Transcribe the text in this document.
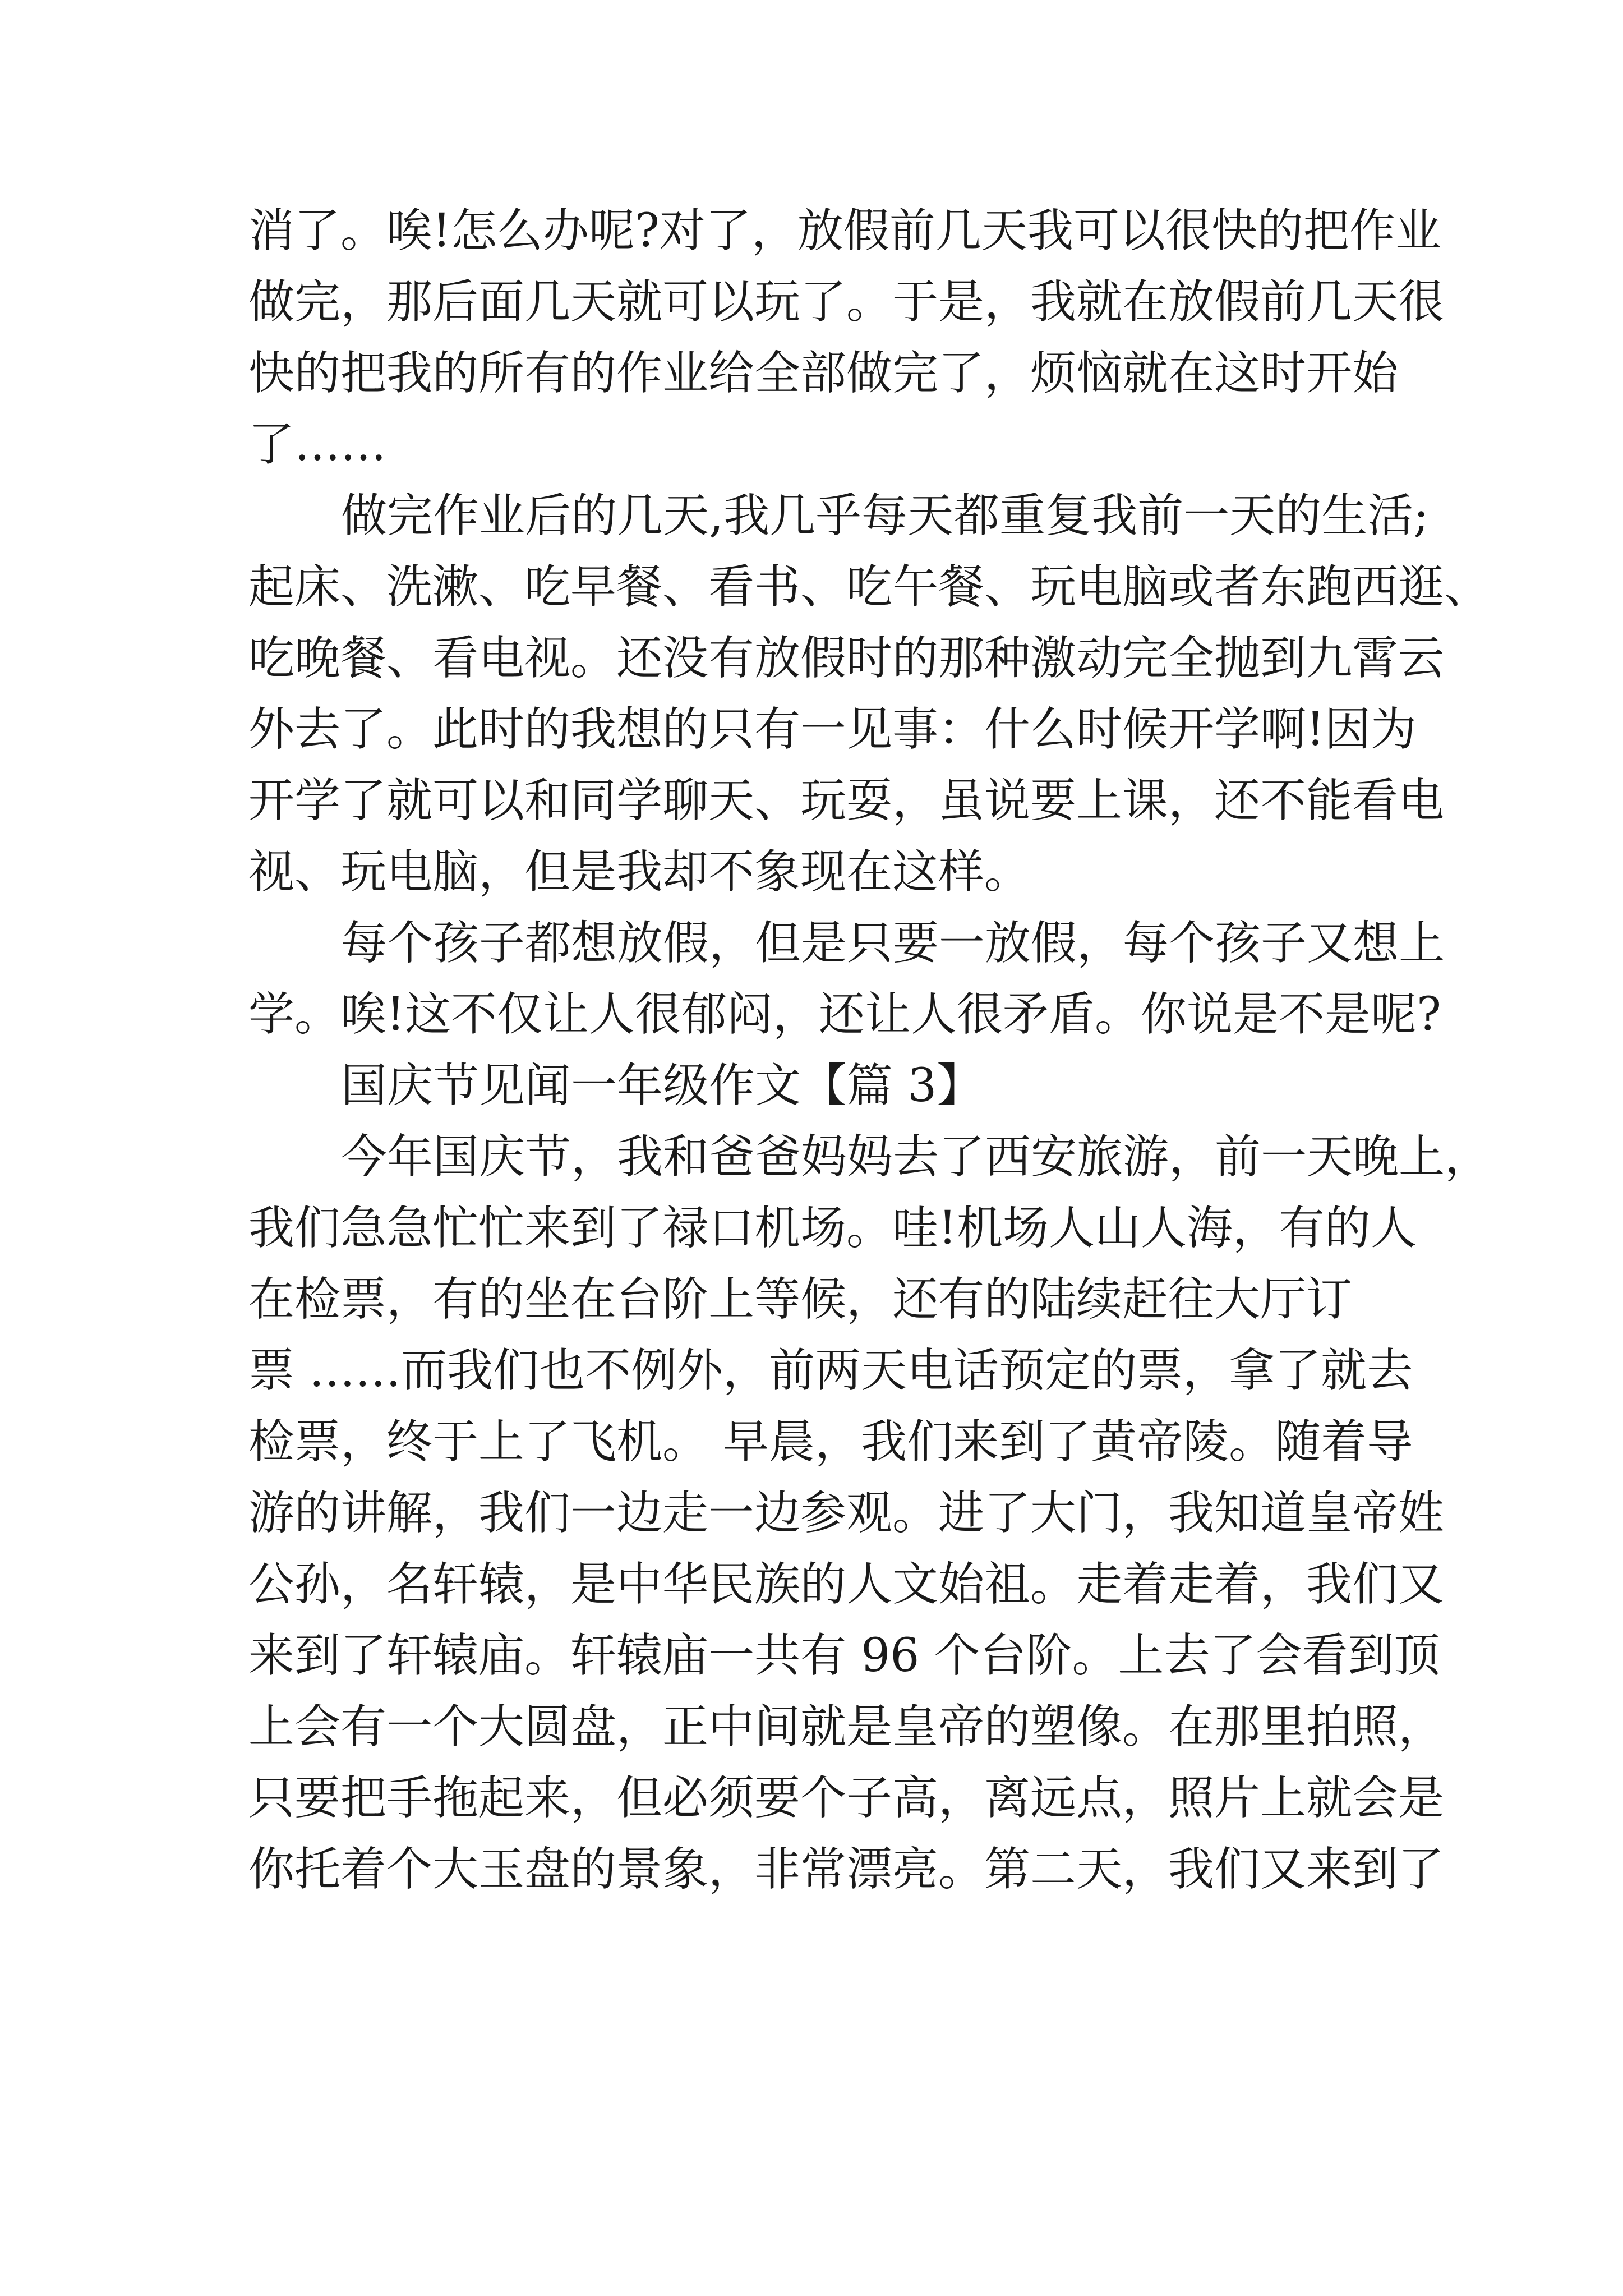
消了。唉!怎么办呢?对了，放假前几天我可以很快的把作业
做完，那后面几天就可以玩了。于是，我就在放假前几天很
快的把我的所有的作业给全部做完了，烦恼就在这时开始
了……
做完作业后的几天,我几乎每天都重复我前一天的生活;
起床、洗漱、吃早餐、看书、吃午餐、玩电脑或者东跑西逛、
吃晚餐、看电视。还没有放假时的那种激动完全抛到九霄云
外去了。此时的我想的只有一见事：什么时候开学啊!因为
开学了就可以和同学聊天、玩耍，虽说要上课，还不能看电
视、玩电脑，但是我却不象现在这样。
每个孩子都想放假，但是只要一放假，每个孩子又想上
学。唉!这不仅让人很郁闷，还让人很矛盾。你说是不是呢?
国庆节见闻一年级作文【篇 3】
今年国庆节，我和爸爸妈妈去了西安旅游，前一天晚上，
我们急急忙忙来到了禄口机场。哇!机场人山人海，有的人
在检票，有的坐在台阶上等候，还有的陆续赶往大厅订
票 ……而我们也不例外，前两天电话预定的票，拿了就去
检票，终于上了飞机。 早晨，我们来到了黄帝陵。随着导
游的讲解，我们一边走一边参观。进了大门，我知道皇帝姓
公孙，名轩辕，是中华民族的人文始祖。走着走着，我们又
来到了轩辕庙。轩辕庙一共有 96 个台阶。上去了会看到顶
上会有一个大圆盘，正中间就是皇帝的塑像。在那里拍照，
只要把手拖起来，但必须要个子高，离远点，照片上就会是
你托着个大玉盘的景象，非常漂亮。第二天，我们又来到了
